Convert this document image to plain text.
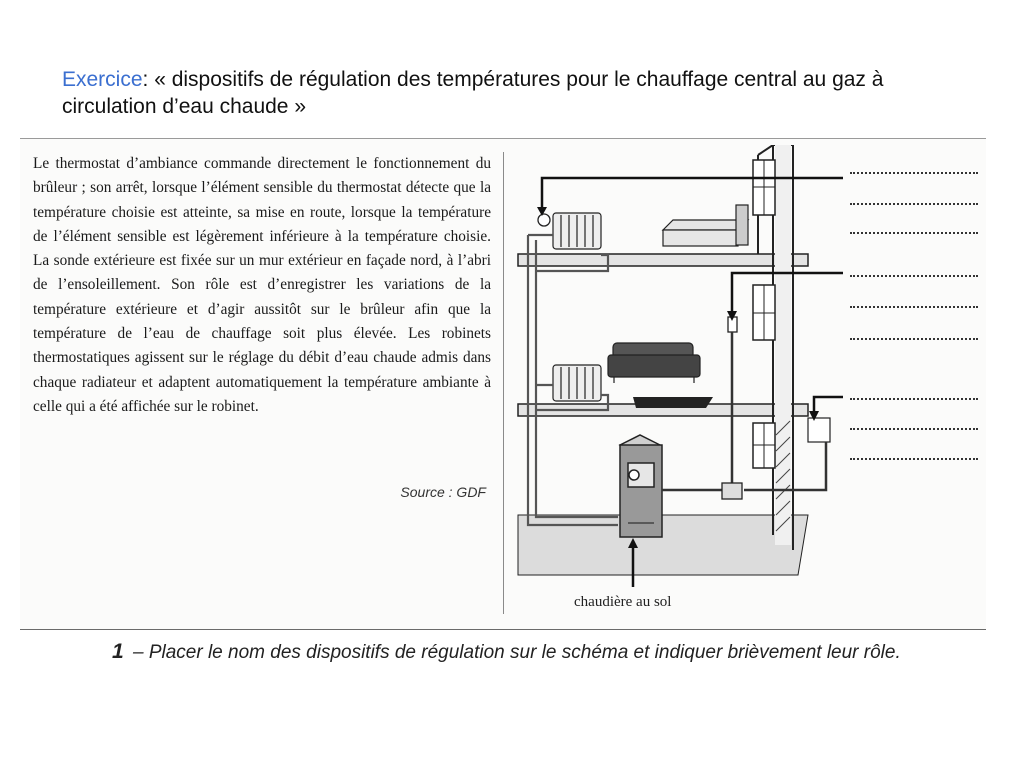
Exercice: « dispositifs de régulation des températures pour le chauffage central au gaz à circulation d’eau chaude »

Le thermostat d’ambiance commande directement le fonctionnement du brûleur ; son arrêt, lorsque l’élément sensible du thermostat détecte que la température choisie est atteinte, sa mise en route, lorsque la température de l’élément sensible est légèrement inférieure à la température choisie. La sonde extérieure est fixée sur un mur extérieur en façade nord, à l’abri de l’ensoleillement. Son rôle est d’enregistrer les variations de la température extérieure et d’agir aussitôt sur le brûleur afin que la température de l’eau de chauffage soit plus élevée. Les robinets thermostatiques agissent sur le réglage du débit d’eau chaude admis dans chaque radiateur et adaptent automatiquement la température ambiante à celle qui a été affichée sur le robinet.

Source : GDF
chaudière au sol
1 – Placer le nom des dispositifs de régulation sur le schéma et indiquer brièvement leur rôle.
